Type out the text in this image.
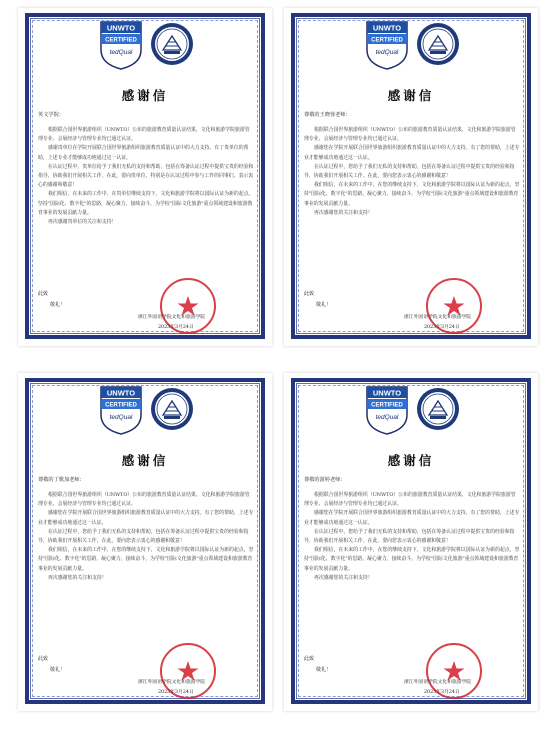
UNWTO
CERTIFIED
tedQual
感谢信
英文学院：

根据联合国世界旅游组织（UNWTO）公布的旅游教育质量认证结果，文化和旅游学院旅游管理专业、会展经济与管理专业均已通过认证。

感谢贵单位在学院开展联合国世界旅游组织旅游教育质量认证中的大力支持。有了贵单位的帮助，上述专业才能够成功地通过这一认证。

在认证过程中，贵单位给予了我们无私的支持和帮助，包括在筹备认证过程中提供宝贵的经验和指导，协助我们开展相关工作。在此，要向贵单位，特别是在认证过程中参与工作的同事们，表示衷心的感谢和敬意！

我们相信，在未来的工作中，在贵单位继续支持下，文化和旅游学院将以国际认证为新的起点，坚持"国际化、数字化"的思路，凝心聚力，接续奋斗，为学校"国际文化旅游"重点领域建设和旅游教育事业的发展贡献力量。

再次感谢贵单位的关注和支持！

此致
敬礼！
浙江外国语学院文化和旅游学院
2023年3月24日
UNWTO
CERTIFIED
tedQual
感谢信
尊敬的王晓蓉老师：

根据联合国世界旅游组织（UNWTO）公布的旅游教育质量认证结果，文化和旅游学院旅游管理专业、会展经济与管理专业均已通过认证。

感谢您在学院开展联合国世界旅游组织旅游教育质量认证中的大力支持。有了您的帮助，上述专业才能够成功地通过这一认证。

在认证过程中，您给予了我们无私的支持和帮助，包括在筹备认证过程中提供宝贵的经验和指导，协助我们开展相关工作。在此，要向您表示衷心的感谢和敬意！

我们相信，在未来的工作中，在您的继续支持下，文化和旅游学院将以国际认证为新的起点，坚持"国际化、数字化"的思路，凝心聚力，接续奋斗，为学校"国际文化旅游"重点领域建设和旅游教育事业的发展贡献力量。

再次感谢您的关注和支持！

此致
敬礼！
浙江外国语学院文化和旅游学院
2023年3月24日
UNWTO
CERTIFIED
tedQual
感谢信
尊敬的丁歌加老师：

根据联合国世界旅游组织（UNWTO）公布的旅游教育质量认证结果，文化和旅游学院旅游管理专业、会展经济与管理专业均已通过认证。

感谢您在学院开展联合国世界旅游组织旅游教育质量认证中的大力支持。有了您的帮助，上述专业才能够成功地通过这一认证。

在认证过程中，您给予了我们无私的支持和帮助，包括在筹备认证过程中提供宝贵的经验和指导，协助我们开展相关工作。在此，要向您表示衷心的感谢和敬意！

我们相信，在未来的工作中，在您的继续支持下，文化和旅游学院将以国际认证为新的起点，坚持"国际化、数字化"的思路，凝心聚力，接续奋斗，为学校"国际文化旅游"重点领域建设和旅游教育事业的发展贡献力量。

再次感谢您的关注和支持！

此致
敬礼！
浙江外国语学院文化和旅游学院
2023年3月24日
UNWTO
CERTIFIED
tedQual
感谢信
尊敬的游婷老师：

根据联合国世界旅游组织（UNWTO）公布的旅游教育质量认证结果，文化和旅游学院旅游管理专业、会展经济与管理专业均已通过认证。

感谢您在学院开展联合国世界旅游组织旅游教育质量认证中的大力支持。有了您的帮助，上述专业才能够成功地通过这一认证。

在认证过程中，您给予了我们无私的支持和帮助，包括在筹备认证过程中提供宝贵的经验和指导，协助我们开展相关工作。在此，要向您表示衷心的感谢和敬意！

我们相信，在未来的工作中，在您的继续支持下，文化和旅游学院将以国际认证为新的起点，坚持"国际化、数字化"的思路，凝心聚力，接续奋斗，为学校"国际文化旅游"重点领域建设和旅游教育事业的发展贡献力量。

再次感谢您的关注和支持！

此致
敬礼！
浙江外国语学院文化和旅游学院
2023年3月24日
